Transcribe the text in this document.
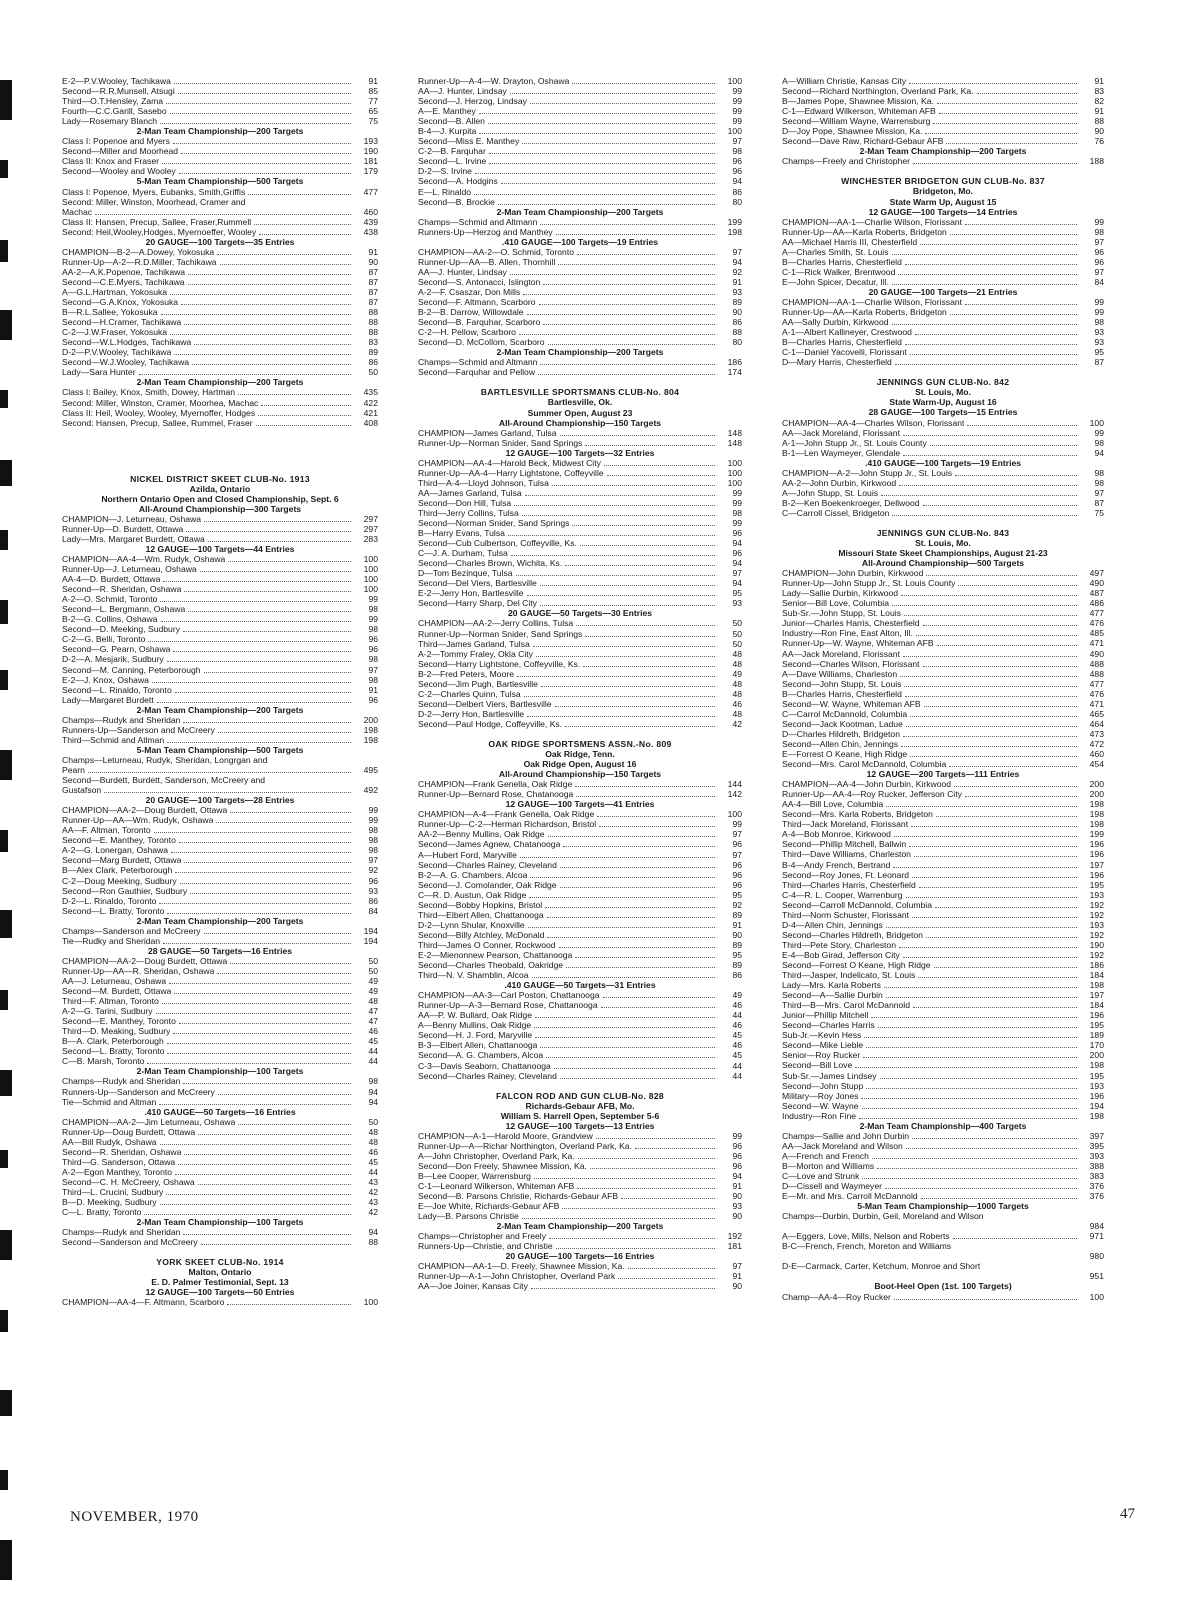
E-2—P.V.Wooley, Tachikawa	91
Second—R.R.Munsell, Atsugi	85
Third—O.T.Hensley, Zama	77
Fourth—C.C.Garill, Sasebo	65
Lady—Rosemary Blanch	75
2-Man Team Championship—200 Targets
Class I: Popenoe and Myers	193
Second—Miller and Moorhead	190
Class II: Knox and Fraser	181
Second—Wooley and Wooley	179
5-Man Team Championship—500 Targets
Class I: Popenoe, Myers, Eubanks, Smith,Griffis	477
Second: Miller, Winston, Moorhead, Cramer and
Machac	460
Class II: Hansen, Precup, Sallee, Fraser,Rummell	439
Second: Heil,Wooley,Hodges, Myernoeffer, Wooley	438
20 GAUGE—100 Targets—35 Entries
CHAMPION—B-2—A.Dowey, Yokosuka	91
Runner-Up—A-2—R.D.Miller, Tachikawa	90
AA-2—A.K.Popenoe, Tachikawa	87
Second—C.E.Myers, Tachikawa	87
A—G.L.Hartman, Yokosuka	87
Second—G.A.Knox, Yokosuka	87
B—R.L.Sallee, Yokosuka	88
Second—H.Cramer, Tachikawa	88
C-2—J.W.Fraser, Yokosuka	88
Second—W.L.Hodges, Tachikawa	83
D-2—P.V.Wooley, Tachikawa	89
Second—W.J.Wooley, Tachikawa	86
Lady—Sara Hunter	50
2-Man Team Championship—200 Targets
Class I: Bailey, Knox, Smith, Dowey, Hartman	435
Second: Miller, Winston, Cramer, Moorhea, Machac	422
Class II: Heil, Wooley, Wooley, Myernoffer, Hodges	421
Second: Hansen, Precup, Sallee, Rummel, Fraser	408
NICKEL DISTRICT SKEET CLUB-No. 1913
Azilda, Ontario
Northern Ontario Open and Closed Championship, Sept. 6
All-Around Championship—300 Targets
CHAMPION—J. Leturneau, Oshawa	297
Runner-Up—D. Burdett, Ottawa	297
Lady—Mrs. Margaret Burdett, Ottawa	283
12 GAUGE—100 Targets—44 Entries
CHAMPION—AA-4—Wm. Rudyk, Oshawa	100
Runner-Up—J. Leturneau, Oshawa	100
AA-4—D. Burdett, Ottawa	100
Second—R. Sheridan, Oshawa	100
A-2—O. Schmid, Toronto	99
Second—L. Bergmann, Oshawa	98
B-2—G. Collins, Oshawa	99
Second—D. Meeking, Sudbury	98
C-2—G. Belli, Toronto	96
Second—G. Pearn, Oshawa	96
D-2—A. Mesjarik, Sudbury	98
Second—M. Canning, Peterborough	97
E-2—J. Knox, Oshawa	98
Second—L. Rinaldo, Toronto	91
Lady—Margaret Burdett	96
2-Man Team Championship—200 Targets
Champs—Rudyk and Sheridan	200
Runners-Up—Sanderson and McCreery	198
Third—Schmid and Atlman	198
5-Man Team Championship—500 Targets
Champs—Leturneau, Rudyk, Sheridan, Longrgan and
Pearn	495
Second—Burdett, Burdett, Sanderson, McCreery and
Gustafson	492
20 GAUGE—100 Targets—28 Entries
CHAMPION—AA-2—Doug Burdett, Ottawa	99
Runner-Up—AA—Wm. Rudyk, Oshawa	99
AA—F. Altman, Toronto	98
Second—E. Manthey, Toronto	98
A-2—G. Lonergan, Oshawa	98
Second—Marg Burdett, Ottawa	97
B—Alex Clark, Peterborough	92
C-2—Doug Meeking, Sudbury	96
Second—Ron Gauthier, Sudbury	93
D-2—L. Rinaldo, Toronto	86
Second—L. Bratty, Toronto	84
2-Man Team Championship—200 Targets
Champs—Sanderson and McCreery	194
Tie—Rudky and Sheridan	194
28 GAUGE—50 Targets—16 Entries
CHAMPION—AA-2—Doug Burdett, Ottawa	50
Runner-Up—AA—R. Sheridan, Oshawa	50
AA—J. Leturneau, Oshawa	49
Second—M. Burdett, Ottawa	49
Third—F. Altman, Toronto	48
A-2—G. Tarini, Sudbury	47
Second—E. Manthey, Toronto	47
Third—D. Meaking, Sudbury	46
B—A. Clark, Peterborough	45
Second—L. Bratty, Toronto	44
C—B. Marsh, Toronto	44
2-Man Team Championship—100 Targets
Champs—Rudyk and Sheridan	98
Runners-Up—Sanderson and McCreery	94
Tie—Schmid and Altman	94
.410 GAUGE—50 Targets—16 Entries
CHAMPION—AA-2—Jim Leturneau, Oshawa	50
Runner-Up—Doug Burdett, Ottawa	48
AA—Bill Rudyk, Oshawa	48
Second—R. Sheridan, Oshawa	46
Third—G. Sanderson, Ottawa	45
A-2—Egon Manthey, Toronto	44
Second—C. H. McCreery, Oshawa	43
Third—L. Crucini, Sudbury	42
B—D. Meeking, Sudbury	43
C—L. Bratty, Toronto	42
2-Man Team Championship—100 Targets
Champs—Rudyk and Sheridan	94
Second—Sanderson and McCreery	88
YORK SKEET CLUB-No. 1914
Malton, Ontario
E. D. Palmer Testimonial, Sept. 13
12 GAUGE—100 Targets—50 Entries
CHAMPION—AA-4—F. Altmann, Scarboro	100
Runner-Up—A-4—W. Drayton, Oshawa	100
AA—J. Hunter, Lindsay	99
Second—J. Herzog, Lindsay	99
A—E. Manthey	99
Second—B. Allen	99
B-4—J. Kurpita	100
Second—Miss E. Manthey	97
C-2—B. Farquhar	98
Second—L. Irvine	96
D-2—S. Irvine	96
Second—A. Hodgins	94
E—L. Rinaldo	86
Second—B. Brockie	80
2-Man Team Championship—200 Targets
Champs—Schmid and Altmann	199
Runners-Up—Herzog and Manthey	198
.410 GAUGE—100 Targets—19 Entries
CHAMPION—AA-2—O. Schmid, Toronto	97
Runner-Up—AA—B. Allen, Thornhill	94
AA—J. Hunter, Lindsay	92
Second—S. Antonacci, Islington	91
A-2—F. Csaszar, Don Mills	93
Second—F. Altmann, Scarboro	89
B-2—B. Darrow, Willowdale	90
Second—B. Farquhar, Scarboro	86
C-2—H. Pellow, Scarboro	88
Second—D. McCollom, Scarboro	80
2-Man Team Championship—200 Targets
Champs—Schmid and Altmann	186
Second—Farquhar and Pellow	174
BARTLESVILLE SPORTSMANS CLUB-No. 804
Bartlesville, Ok.
Summer Open, August 23
All-Around Championship—150 Targets
CHAMPION—James Garland, Tulsa	148
Runner-Up—Norman Snider, Sand Springs	148
12 GAUGE—100 Targets—32 Entries
CHAMPION—AA-4—Harold Beck, Midwest City	100
Runner-Up—AA-4—Harry Lightstone, Coffeyville	100
Third—A-4—Lloyd Johnson, Tulsa	100
AA—James Garland, Tulsa	99
Second—Don Hill, Tulsa	99
Third—Jerry Collins, Tulsa	98
Second—Norman Snider, Sand Springs	99
B—Harry Evans, Tulsa	96
Second—Cub Culbertson, Coffeyville, Ks.	94
C—J. A. Durham, Tulsa	96
Second—Charles Brown, Wichita, Ks.	94
D—Tom Bezinque, Tulsa	97
Second—Del Viers, Bartlesville	94
E-2—Jerry Hon, Bartlesville	95
Second—Harry Sharp, Del City	93
20 GAUGE—50 Targets—30 Entries
CHAMPION—AA-2—Jerry Collins, Tulsa	50
Runner-Up—Norman Snider, Sand Springs	50
Third—James Garland, Tulsa	50
A-2—Tommy Fraley, Okla City	48
Second—Harry Lightstone, Coffeyville, Ks.	48
B-2—Fred Peters, Moore	49
Second—Jim Pugh, Bartlesville	48
C-2—Charles Quinn, Tulsa	48
Second—Delbert Viers, Bartlesville	46
D-2—Jerry Hon, Bartlesville	48
Second—Paul Hodge, Coffeyville, Ks.	42
OAK RIDGE SPORTSMENS ASSN.-No. 809
Oak Ridge, Tenn.
Oak Ridge Open, August 16
All-Around Championship—150 Targets
CHAMPION—Frank Genella, Oak Ridge	144
Runner-Up—Bernard Rose, Chatanooga	142
12 GAUGE—100 Targets—41 Entries
CHAMPION—A-4—Frank Genella, Oak Ridge	100
Runner-Up—C-2—Herman Richardson, Bristol	99
AA-2—Benny Mullins, Oak Ridge	97
Second—James Agnew, Chatanooga	96
A—Hubert Ford, Maryville	97
Second—Charles Rainey, Cleveland	96
B-2—A. G. Chambers, Alcoa	96
Second—J. Comolander, Oak Ridge	96
C—R. D. Austun, Oak Ridge	95
Second—Bobby Hopkins, Bristol	92
Third—Elbert Allen, Chattanooga	89
D-2—Lynn Shular, Knoxville	91
Second—Billy Atchley, McDonald	90
Third—James O Conner, Rockwood	89
E-2—Mienonnew Pearson, Chattanooga	95
Second—Charles Theobald, Oakridge	89
Third—N. V. Shamblin, Alcoa	86
.410 GAUGE—50 Targets—31 Entries
CHAMPION—AA-3—Carl Poston, Chattanooga	49
Runner-Up—A-3—Bernard Rose, Chattanooga	46
AA—P. W. Bullard, Oak Ridge	44
A—Benny Mullins, Oak Ridge	46
Second—H. J. Ford, Maryville	45
B-3—Elbert Allen, Chattanooga	46
Second—A. G. Chambers, Alcoa	45
C-3—Davis Seaborn, Chattanooga	44
Second—Charles Rainey, Cleveland	44
FALCON ROD AND GUN CLUB-No. 828
Richards-Gebaur AFB, Mo.
William S. Harrell Open, September 5-6
12 GAUGE—100 Targets—13 Entries
CHAMPION—A-1—Harold Moore, Grandview	99
Runner-Up—A—Richar Northington, Overland Park, Ka.	96
A—John Christopher, Overland Park, Ka.	96
Second—Don Freely, Shawnee Mission, Ka.	96
B—Lee Cooper, Warrensburg	94
C-1—Leonard Wilkerson, Whiteman AFB	91
Second—B. Parsons Christie, Richards-Gebaur AFB	90
E—Joe White, Richards-Gebaur AFB	93
Lady—B. Parsons Christie	90
2-Man Team Championship—200 Targets
Champs—Christopher and Freely	192
Runners-Up—Christie, and Christie	181
20 GAUGE—100 Targets—16 Entries
CHAMPION—AA-1—D. Freely, Shawnee Mission, Ka.	97
Runner-Up—A-1—John Christopher, Overland Park	91
AA—Joe Joiner, Kansas City	90
A—William Christie, Kansas City	91
Second—Richard Northington, Overland Park, Ka.	83
B—James Pope, Shawnee Mission, Ka.	82
C-1—Edward Wilkerson, Whiteman AFB	91
Second—William Wayne, Warrensburg	88
D—Joy Pope, Shawnee Mission, Ka.	90
Second—Dave Raw, Richard-Gebaur AFB	76
2-Man Team Championship—200 Targets
Champs—Freely and Christopher	188
WINCHESTER BRIDGETON GUN CLUB-No. 837
Bridgeton, Mo.
State Warm Up, August 15
12 GAUGE—100 Targets—14 Entries
CHAMPION—AA-1—Charlie Wilson, Florissant	99
Runner-Up—AA—Karla Roberts, Bridgeton	98
AA—Michael Harris III, Chesterfield	97
A—Charles Smith, St. Louis	96
B—Charles Harris, Chesterfield	96
C-1—Rick Walker, Brentwood	97
E—John Spicer, Decatur, Ill.	84
20 GAUGE—100 Targets—21 Entries
CHAMPION—AA-1—Charlie Wilson, Florissant	99
Runner-Up—AA—Karla Roberts, Bridgeton	99
AA—Sally Durbin, Kirkwood	98
A-1—Albert Kallineyer, Crestwood	93
B—Charles Harris, Chesterfield	93
C-1—Daniel Yacovelli, Florissant	95
D—Mary Harris, Chesterfield	87
JENNINGS GUN CLUB-No. 842
St. Louis, Mo.
State Warm-Up, August 16
28 GAUGE—100 Targets—15 Entries
CHAMPION—AA-4—Charles Wilson, Florissant	100
AA—Jack Moreland, Florissant	99
A-1—John Stupp Jr., St. Louis County	98
B-1—Len Waymeyer, Glendale	94
.410 GAUGE—100 Targets—19 Entries
CHAMPION—A-2—John Stupp Jr., St. Louis	98
AA-2—John Durbin, Kirkwood	98
A—John Stupp, St. Louis	97
B-2—Ken Boekenkroeger, Dellwood	87
C—Carroll Cissel, Bridgeton	75
JENNINGS GUN CLUB-No. 843
St. Louis, Mo.
Missouri State Skeet Championships, August 21-23
All-Around Championship—500 Targets
CHAMPION—John Durbin, Kirkwood	497
Runner-Up—John Stupp Jr., St. Louis County	490
Lady—Sallie Durbin, Kirkwood	487
Senior—Bill Love, Columbia	486
Sub-Sr.—John Stupp, St. Louis	477
Junior—Charles Harris, Chesterfield	476
Industry—Ron Fine, East Alton, Ill.	485
Runner-Up—W. Wayne, Whiteman AFB	471
AA—Jack Moreland, Florissant	490
Second—Charles Wilson, Florissant	488
A—Dave Williams, Charleston	488
Second—John Stupp, St. Louis	477
B—Charles Harris, Chesterfield	476
Second—W. Wayne, Whiteman AFB	471
C—Carrol McDannold, Columbia	465
Second—Jack Kootman, Ladue	464
D—Charles Hildreth, Bridgeton	473
Second—Allen Chin, Jennings	472
E—Forrest O Keane, High Ridge	460
Second—Mrs. Carol McDannold, Columbia	454
12 GAUGE—200 Targets—111 Entries
CHAMPION—AA-4—John Durbin, Kirkwood	200
Runner-Up—AA-4—Roy Rucker, Jefferson City	200
AA-4—Bill Love, Columbia	198
Second—Mrs. Karla Roberts, Bridgeton	198
Third—Jack Moreland, Florissant	198
A-4—Bob Monroe, Kirkwood	199
Second—Phillip Mitchell, Ballwin	196
Third—Dave Williams, Charleston	196
B-4—Andy French, Bertrand	197
Second—Roy Jones, Ft. Leonard	196
Third—Charles Harris, Chesterfield	195
C-4—R. L. Cooper, Warrenburg	193
Second—Carroll McDannold, Columbia	192
Third—Norm Schuster, Florissant	192
D-4—Allen Chin, Jennings	193
Second—Charles Hildreth, Bridgeton	192
Third—Pete Story, Charleston	190
E-4—Bob Girad, Jefferson City	192
Second—Forrest O Keane, High Ridge	186
Third—Jasper, Indelicato, St. Louis	184
Lady—Mrs. Karla Roberts	198
Second—A—Sallie Durbin	197
Third—B—Mrs. Carol McDannold	184
Junior—Phillip Mitchell	196
Second—Charles Harris	195
Sub-Jr.—Kevin Hess	189
Second—Mike Lieble	170
Senior—Roy Rucker	200
Second—Bill Love	198
Sub-Sr.—James Lindsey	195
Second—John Stupp	193
Military—Roy Jones	196
Second—W. Wayne	194
Industry—Ron Fine	198
2-Man Team Championship—400 Targets
Champs—Sallie and John Durbin	397
AA—Jack Moreland and Wilson	395
A—French and French	393
B—Morton and Williams	388
C—Love and Strunk	383
D—Cissell and Waymeyer	376
E—Mr. and Mrs. Carroll McDannold	376
5-Man Team Championship—1000 Targets
Champs—Durbin, Durbin, Geil, Moreland and Wilson
984
A—Eggers, Love, Mills, Nelson and Roberts	971
B-C—French, French, Moreton and Williams
980
D-E—Carmack, Carter, Ketchum, Monroe and Short
951
Boot-Heel Open (1st. 100 Targets)
Champ—AA-4—Roy Rucker	100
NOVEMBER, 1970	47
